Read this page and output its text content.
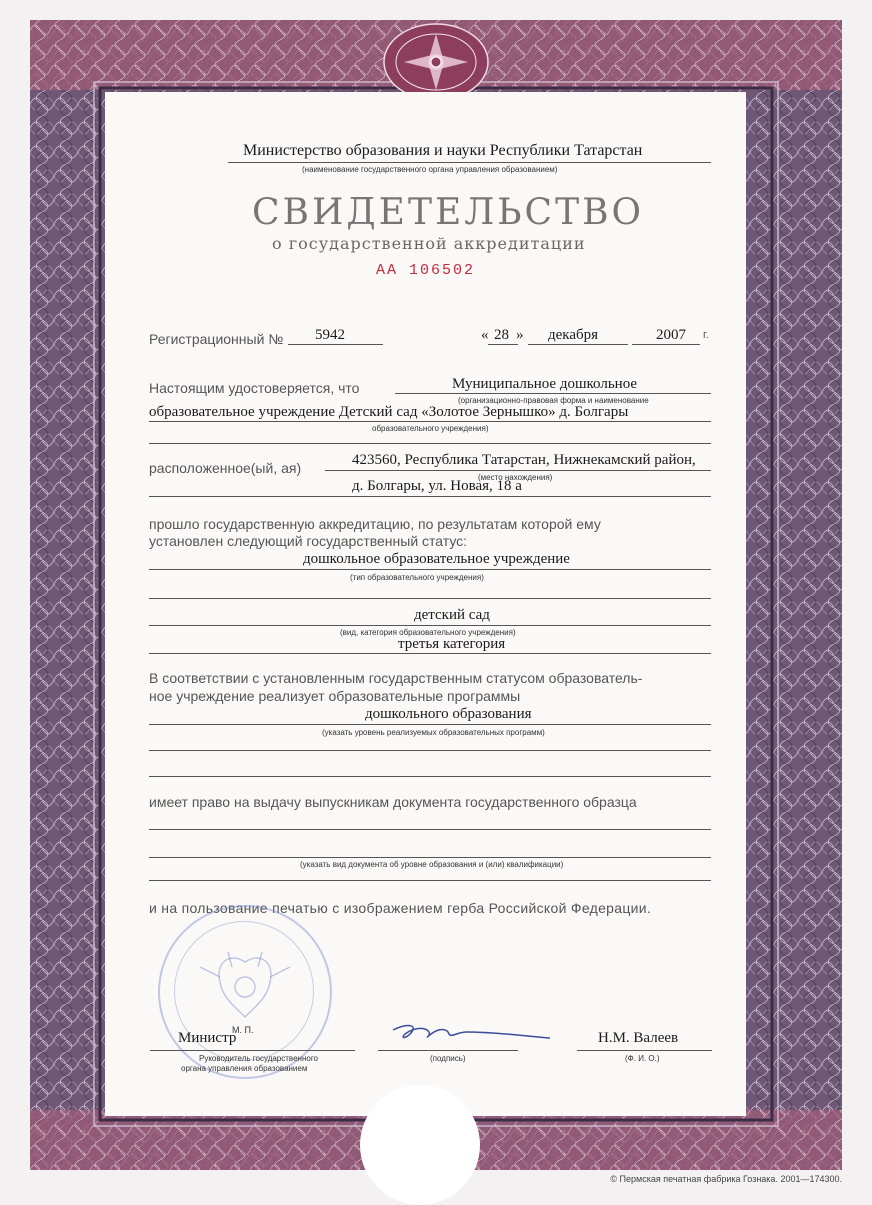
Министерство образования и науки Республики Татарстан
(наименование государственного органа управления образованием)
СВИДЕТЕЛЬСТВО
о государственной аккредитации
АА 106502
Регистрационный № 5942	« 28 » декабря	2007 г.
Настоящим удостоверяется, что	Муниципальное дошкольное
(организационно-правовая форма и наименование
образовательное учреждение Детский сад «Золотое Зернышко» д. Болгары
образовательного учреждения)
расположенное(ый, ая)	423560, Республика Татарстан, Нижнекамский район,
(место нахождения)
д. Болгары, ул. Новая, 18 а
прошло государственную аккредитацию, по результатам которой ему
установлен следующий государственный статус:
дошкольное образовательное учреждение
(тип образовательного учреждения)
детский сад
(вид, категория образовательного учреждения)
третья категория
В соответствии с установленным государственным статусом образователь-
ное учреждение реализует образовательные программы
дошкольного образования
(указать уровень реализуемых образовательных программ)
имеет право на выдачу выпускникам документа государственного образца
(указать вид документа об уровне образования и (или) квалификации)
и на пользование печатью с изображением герба Российской Федерации.
Министр
М. П.
Руководитель государственного
органа управления образованием
(подпись)
Н.М. Валеев
(Ф. И. О.)
© Пермская печатная фабрика Гознака. 2001—174300.
